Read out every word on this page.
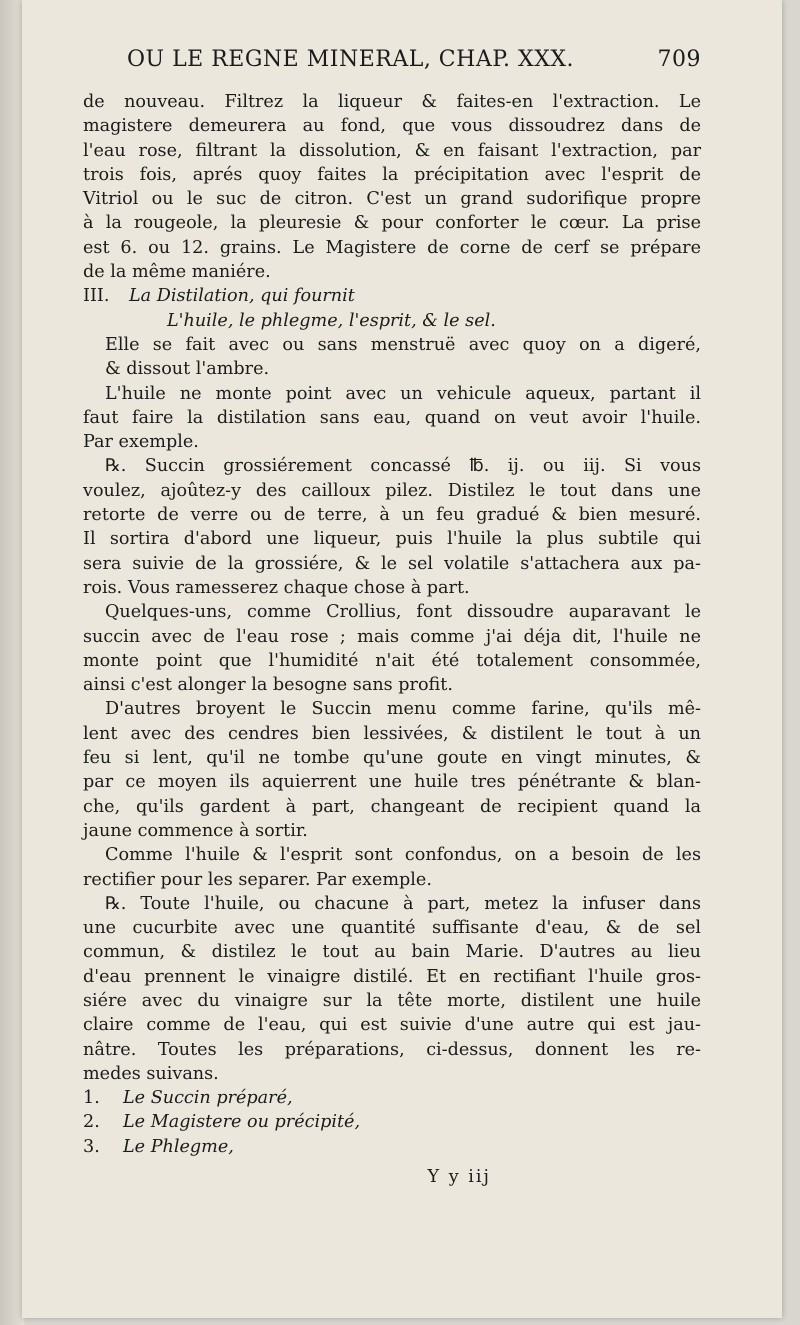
OU LE REGNE MINERAL, CHAP. XXX.	709

de nouveau. Filtrez la liqueur & faites-en l'extraction. Le
magistere demeurera au fond, que vous dissoudrez dans de
l'eau rose, filtrant la dissolution, & en faisant l'extraction, par
trois fois, aprés quoy faites la précipitation avec l'esprit de
Vitriol ou le suc de citron. C'est un grand sudorifique propre
à la rougeole, la pleuresie & pour conforter le cœur. La prise
est 6. ou 12. grains. Le Magistere de corne de cerf se prépare
de la même maniére.

III. La Distilation, qui fournit
L'huile, le phlegme, l'esprit, & le sel.

Elle se fait avec ou sans menstruë avec quoy on a digeré,
& dissout l'ambre.

L'huile ne monte point avec un vehicule aqueux, partant il
faut faire la distilation sans eau, quand on veut avoir l'huile.
Par exemple.

℞. Succin grossiérement concassé ℔. ij. ou iij. Si vous
voulez, ajoûtez-y des cailloux pilez. Distilez le tout dans une
retorte de verre ou de terre, à un feu gradué & bien mesuré.
Il sortira d'abord une liqueur, puis l'huile la plus subtile qui
sera suivie de la grossiére, & le sel volatile s'attachera aux pa-
rois. Vous ramesserez chaque chose à part.

Quelques-uns, comme Crollius, font dissoudre auparavant le
succin avec de l'eau rose ; mais comme j'ai déja dit, l'huile ne
monte point que l'humidité n'ait été totalement consommée,
ainsi c'est alonger la besogne sans profit.

D'autres broyent le Succin menu comme farine, qu'ils mê-
lent avec des cendres bien lessivées, & distilent le tout à un
feu si lent, qu'il ne tombe qu'une goute en vingt minutes, &
par ce moyen ils aquierrent une huile tres pénétrante & blan-
che, qu'ils gardent à part, changeant de recipient quand la
jaune commence à sortir.

Comme l'huile & l'esprit sont confondus, on a besoin de les
rectifier pour les separer. Par exemple.

℞. Toute l'huile, ou chacune à part, metez la infuser dans
une cucurbite avec une quantité suffisante d'eau, & de sel
commun, & distilez le tout au bain Marie. D'autres au lieu
d'eau prennent le vinaigre distilé. Et en rectifiant l'huile gros-
siére avec du vinaigre sur la tête morte, distilent une huile
claire comme de l'eau, qui est suivie d'une autre qui est jau-
nâtre. Toutes les préparations, ci-dessus, donnent les re-
medes suivans.

1.	Le Succin préparé,
2.	Le Magistere ou précipité,
3.	Le Phlegme,
Y y iij
